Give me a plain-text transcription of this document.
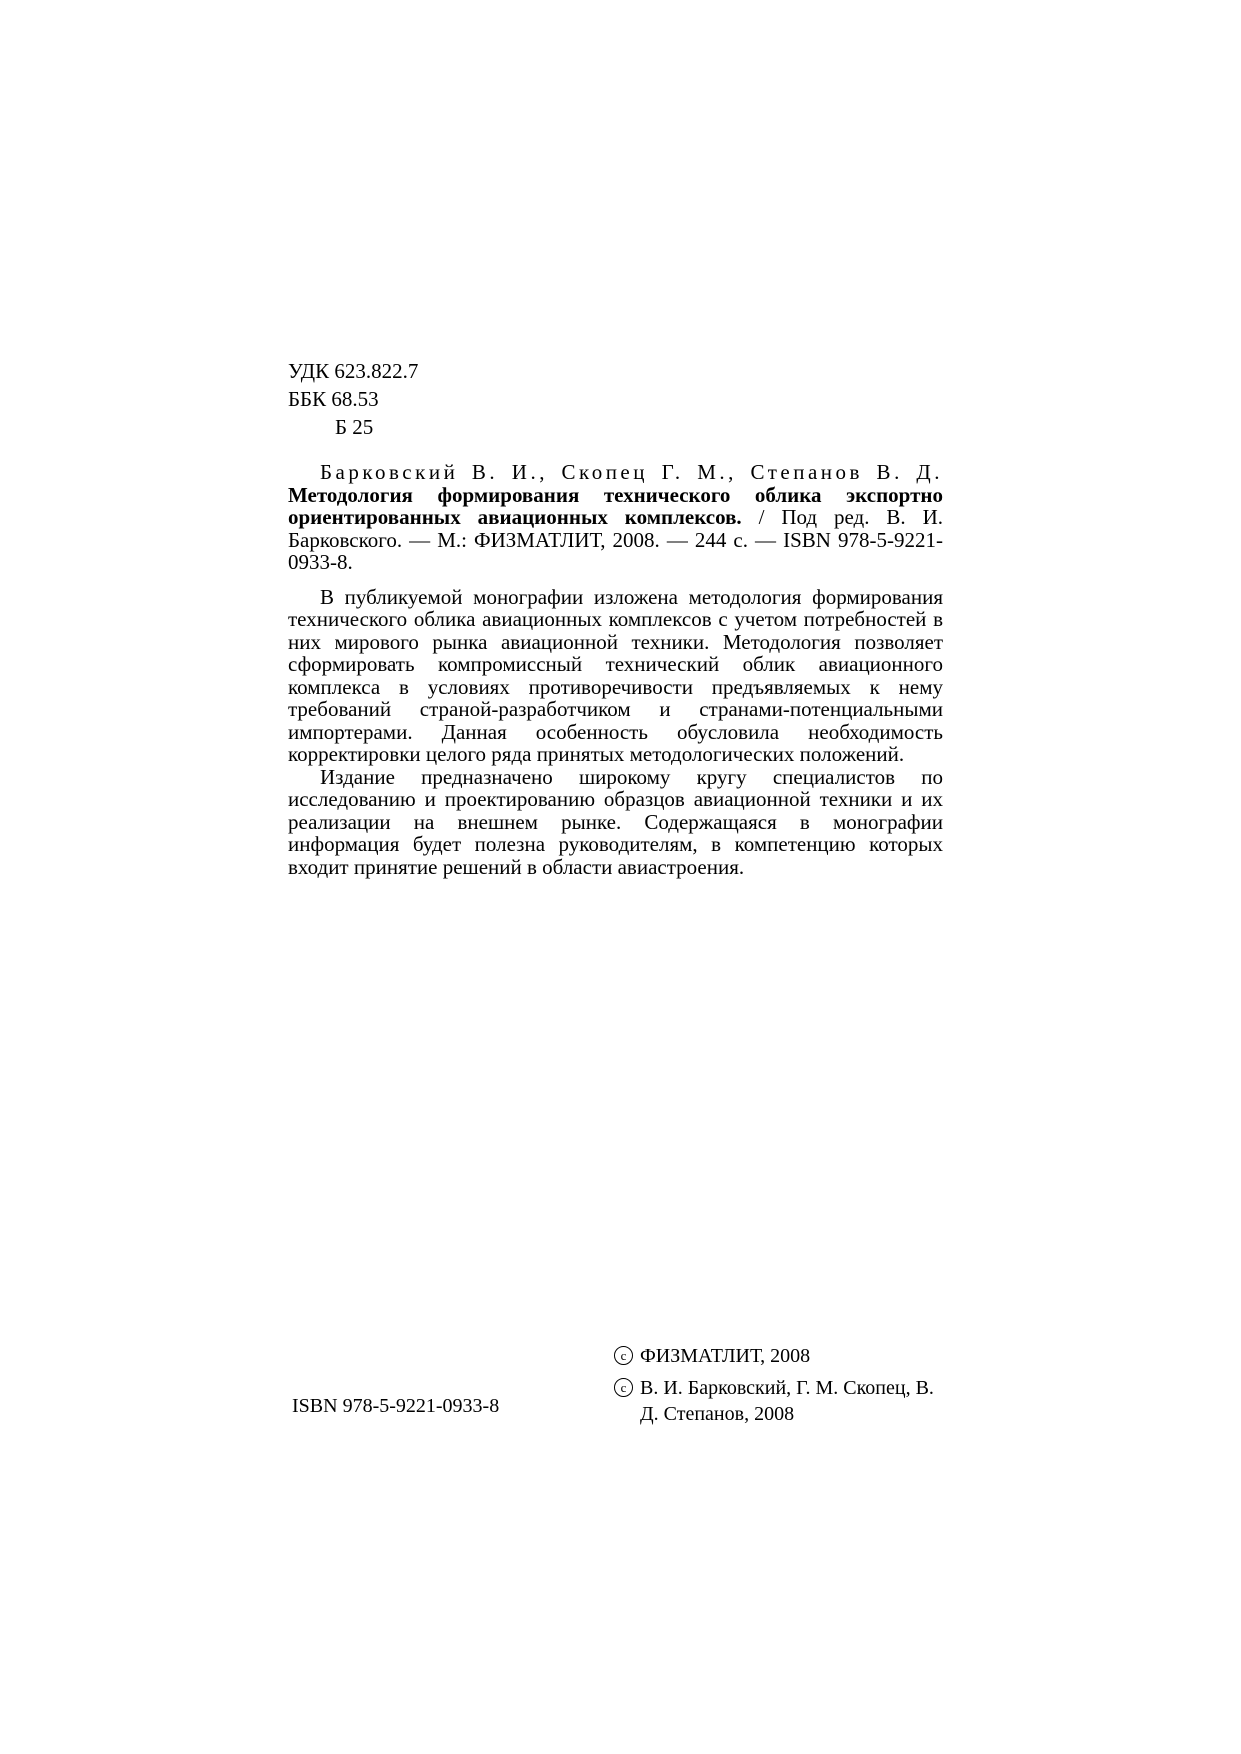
УДК 623.822.7
ББК 68.53
Б 25

Барковский В. И., Скопец Г. М., Степанов В. Д. Методология формирования технического облика экспортно ориентированных авиационных комплексов. / Под ред. В. И. Барковского. — М.: ФИЗМАТЛИТ, 2008. — 244 с. — ISBN 978-5-9221-0933-8.

В публикуемой монографии изложена методология формирования технического облика авиационных комплексов с учетом потребностей в них мирового рынка авиационной техники. Методология позволяет сформировать компромиссный технический облик авиационного комплекса в условиях противоречивости предъявляемых к нему требований страной-разработчиком и странами-потенциальными импортерами. Данная особенность обусловила необходимость корректировки целого ряда принятых методологических положений.

Издание предназначено широкому кругу специалистов по исследованию и проектированию образцов авиационной техники и их реализации на внешнем рынке. Содержащаяся в монографии информация будет полезна руководителям, в компетенцию которых входит принятие решений в области авиастроения.

ISBN 978-5-9221-0933-8
c ФИЗМАТЛИТ, 2008
c В. И. Барковский, Г. М. Скопец, В. Д. Степанов, 2008
